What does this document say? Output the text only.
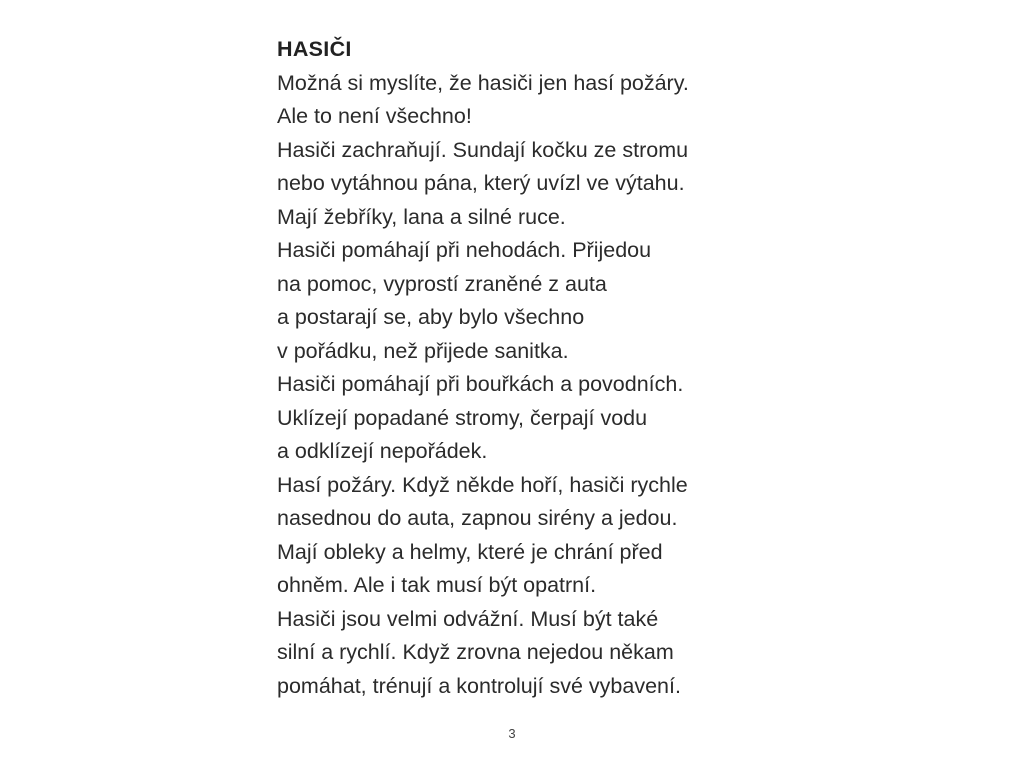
HASIČI

Možná si myslíte, že hasiči jen hasí požáry.

Ale to není všechno!

Hasiči zachraňují. Sundají kočku ze stromu

nebo vytáhnou pána, který uvízl ve výtahu.

Mají žebříky, lana a silné ruce.

Hasiči pomáhají při nehodách. Přijedou

na pomoc, vyprostí zraněné z auta

a postarají se, aby bylo všechno

v pořádku, než přijede sanitka.

Hasiči pomáhají při bouřkách a povodních.

Uklízejí popadané stromy, čerpají vodu

a odklízejí nepořádek.

Hasí požáry. Když někde hoří, hasiči rychle

nasednou do auta, zapnou sirény a jedou.

Mají obleky a helmy, které je chrání před

ohněm. Ale i tak musí být opatrní.

Hasiči jsou velmi odvážní. Musí být také

silní a rychlí. Když zrovna nejedou někam

pomáhat, trénují a kontrolují své vybavení.

3
